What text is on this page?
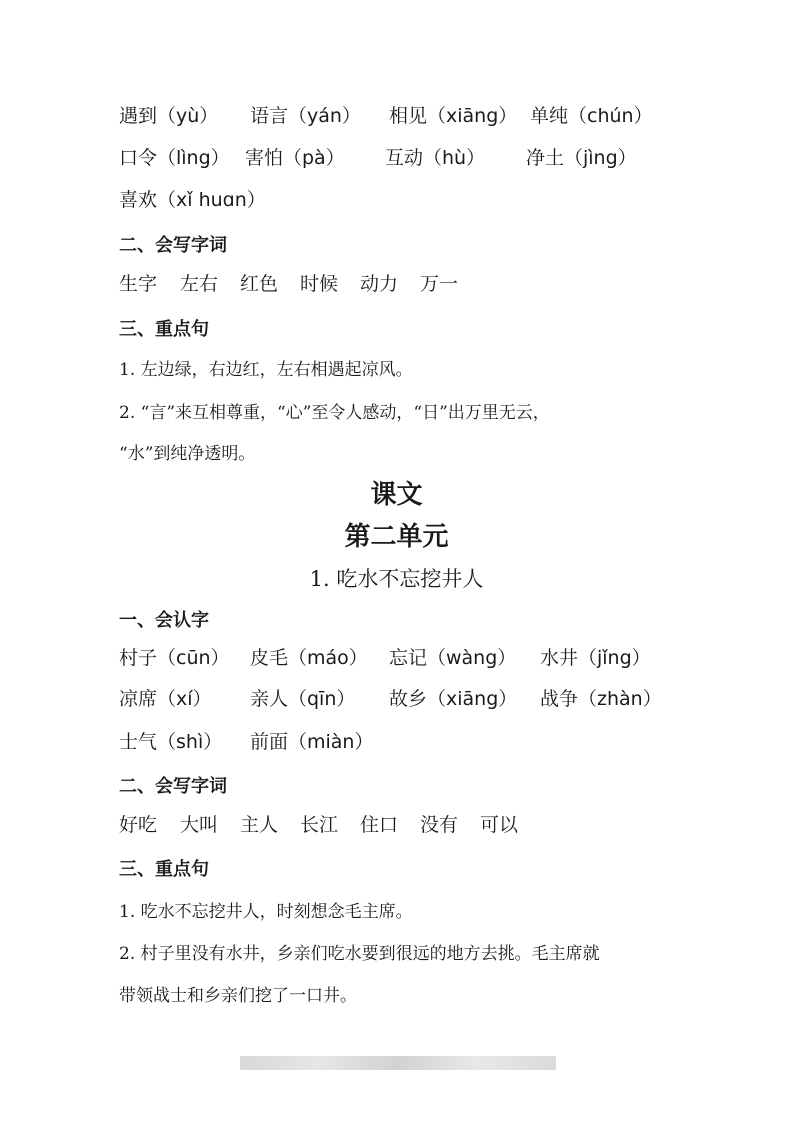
遇到（yù） 语言（yán） 相见（xiāng） 单纯（chún）
口令（lìng） 害怕（pà） 互动（hù） 净土（jìng）
喜欢（xǐ huɑn）
二、会写字词
生字 左右 红色 时候 动力 万一
三、重点句
1. 左边绿，右边红，左右相遇起凉风。
2. “言”来互相尊重，“心”至令人感动，“日”出万里无云，
“水”到纯净透明。
课文
第二单元
1. 吃水不忘挖井人
一、会认字
村子（cūn） 皮毛（máo） 忘记（wàng） 水井（jǐng）
凉席（xí） 亲人（qīn） 故乡（xiāng） 战争（zhàn）
士气（shì） 前面（miàn）
二、会写字词
好吃 大叫 主人 长江 住口 没有 可以
三、重点句
1. 吃水不忘挖井人，时刻想念毛主席。
2. 村子里没有水井，乡亲们吃水要到很远的地方去挑。毛主席就
带领战士和乡亲们挖了一口井。
